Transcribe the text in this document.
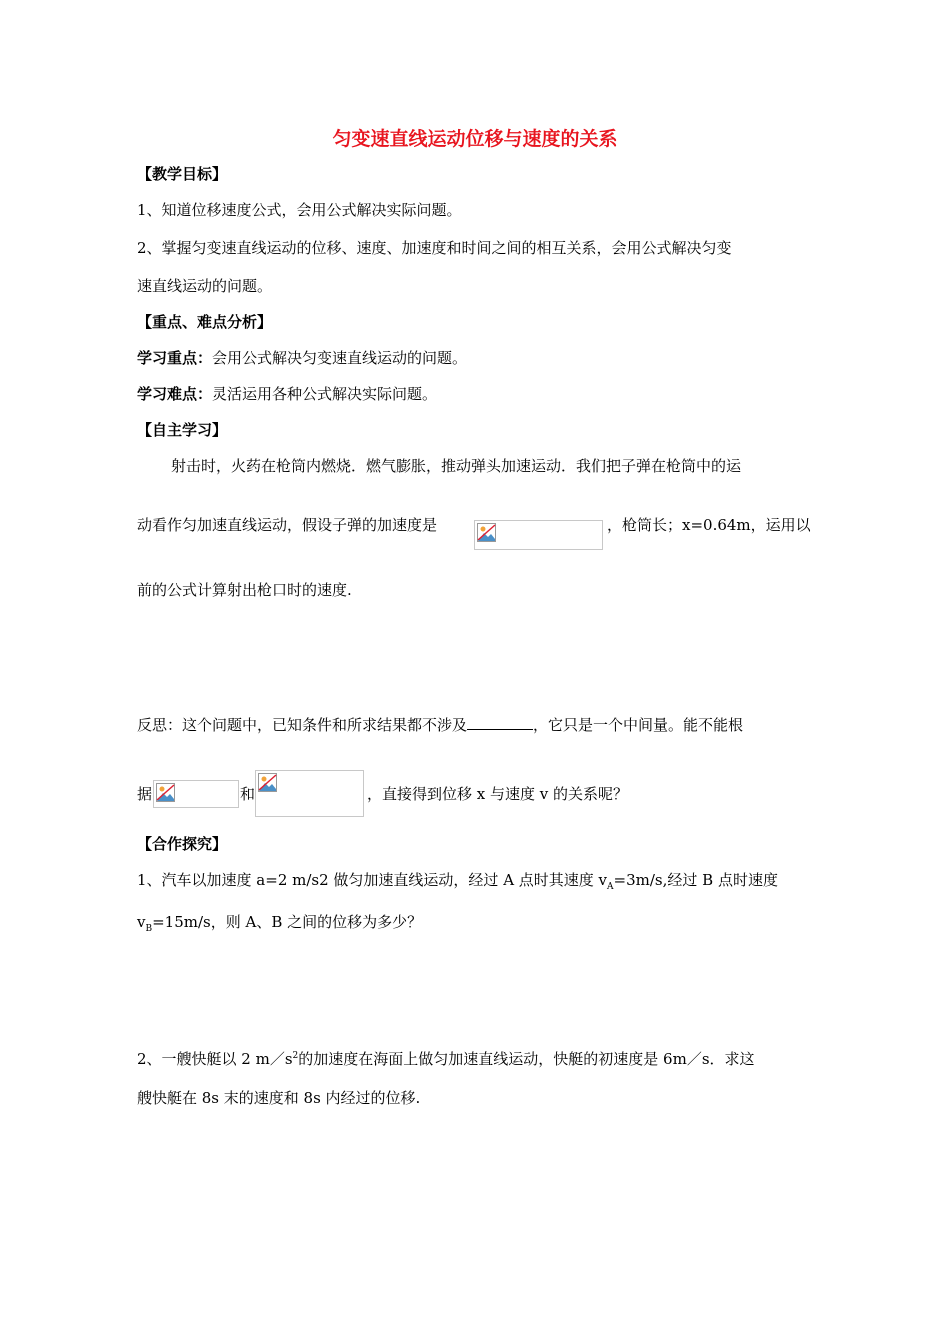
匀变速直线运动位移与速度的关系
【教学目标】
1、知道位移速度公式，会用公式解决实际问题。
2、掌握匀变速直线运动的位移、速度、加速度和时间之间的相互关系，会用公式解决匀变
速直线运动的问题。
【重点、难点分析】
学习重点：会用公式解决匀变速直线运动的问题。
学习难点：灵活运用各种公式解决实际问题。
【自主学习】
射击时，火药在枪筒内燃烧．燃气膨胀，推动弹头加速运动．我们把子弹在枪筒中的运
动看作匀加速直线运动，假设子弹的加速度是	，枪筒长；x=0.64m，运用以
前的公式计算射出枪口时的速度.
反思：这个问题中，已知条件和所求结果都不涉及	，它只是一个中间量。能不能根
据	和	，直接得到位移 x 与速度 v 的关系呢？
【合作探究】
1、汽车以加速度 a=2 m/s2 做匀加速直线运动，经过 A 点时其速度 $v_A=3m/s$,经过 B 点时速度
$v_B=15m/s$，则 A、B 之间的位移为多少？
2、一艘快艇以 2 $m/s^2$的加速度在海面上做匀加速直线运动，快艇的初速度是 6m／s．求这
艘快艇在 8s 末的速度和 8s 内经过的位移.
